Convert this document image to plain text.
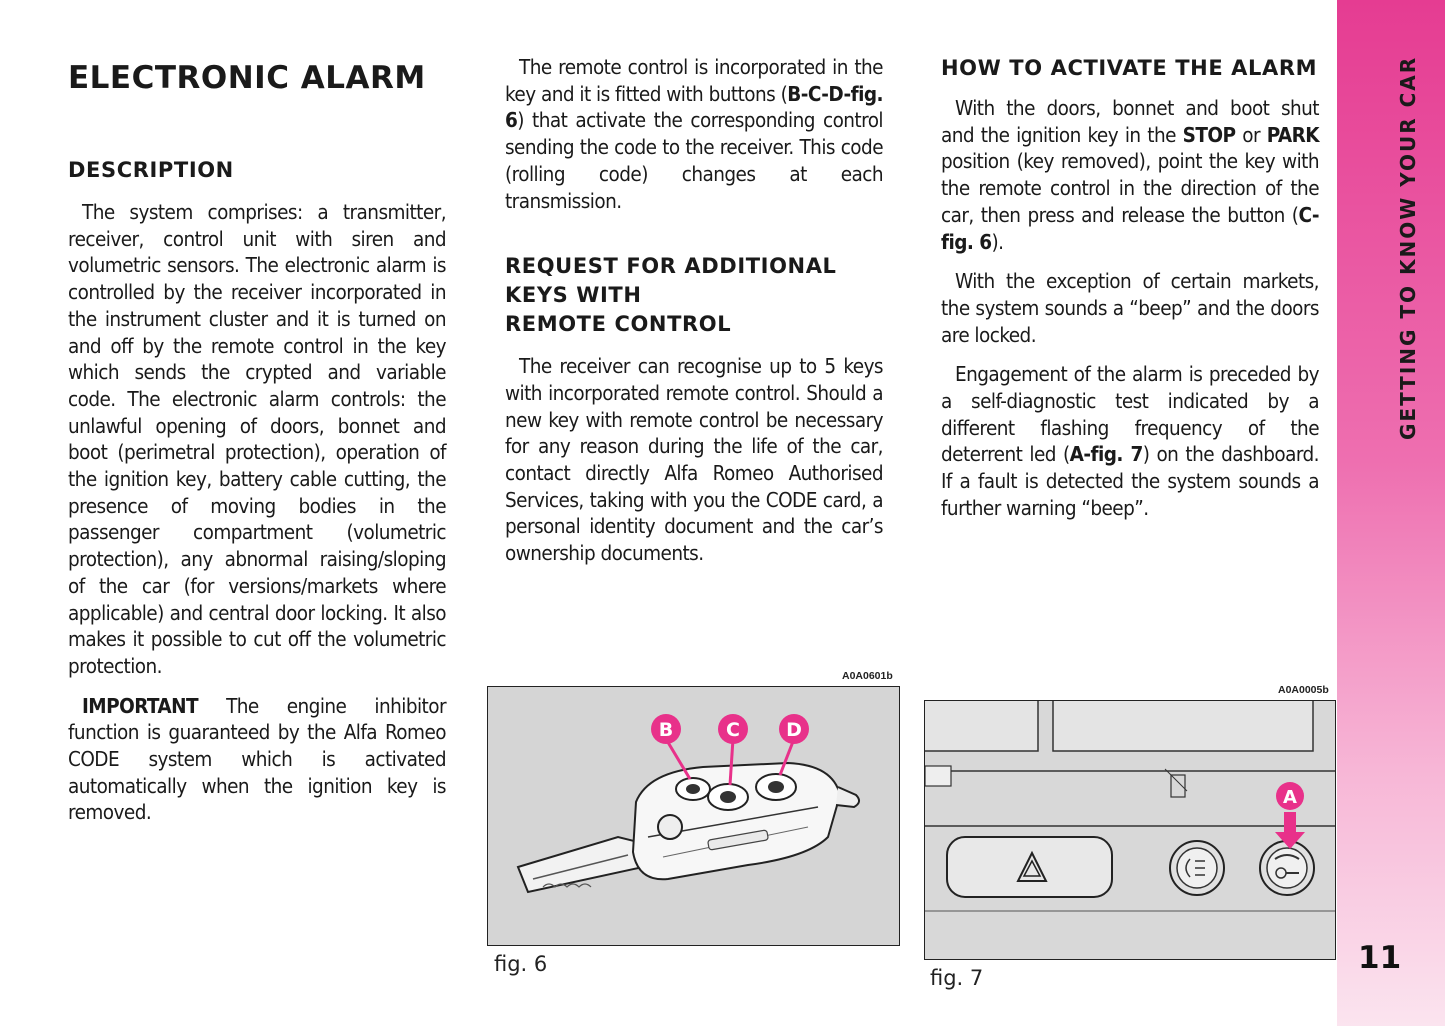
ELECTRONIC ALARM
DESCRIPTION

The system comprises: a transmitter, receiver, control unit with siren and volumetric sensors. The electronic alarm is controlled by the receiver incorporated in the instrument cluster and it is turned on and off by the remote control in the key which sends the crypted and variable code. The electronic alarm controls: the unlawful opening of doors, bonnet and boot (perimetral protection), operation of the ignition key, battery cable cutting, the presence of moving bodies in the passenger compartment (volumetric protection), any abnormal raising/sloping of the car (for versions/markets where applicable) and central door locking. It also makes it possible to cut off the volumetric protection.

IMPORTANT The engine inhibitor function is guaranteed by the Alfa Romeo CODE system which is activated automatically when the ignition key is removed.

The remote control is incorporated in the key and it is fitted with buttons (B-C-D-fig. 6) that activate the corresponding control sending the code to the receiver. This code (rolling code) changes at each transmission.

REQUEST FOR ADDITIONAL
KEYS WITH
REMOTE CONTROL

The receiver can recognise up to 5 keys with incorporated remote control. Should a new key with remote control be necessary for any reason during the life of the car, contact directly Alfa Romeo Authorised Services, taking with you the CODE card, a personal identity document and the car’s ownership documents.

HOW TO ACTIVATE THE ALARM

With the doors, bonnet and boot shut and the ignition key in the STOP or PARK position (key removed), point the key with the remote control in the direction of the car, then press and release the button (C-fig. 6).

With the exception of certain markets, the system sounds a “beep” and the doors are locked.

Engagement of the alarm is preceded by a self-diagnostic test indicated by a different flashing frequency of the deterrent led (A-fig. 7) on the dashboard. If a fault is detected the system sounds a further warning “beep”.

A0A0601b
B	C D
fig. 6
A0A0005b
A
fig. 7
GETTING TO KNOW YOUR CAR
11
